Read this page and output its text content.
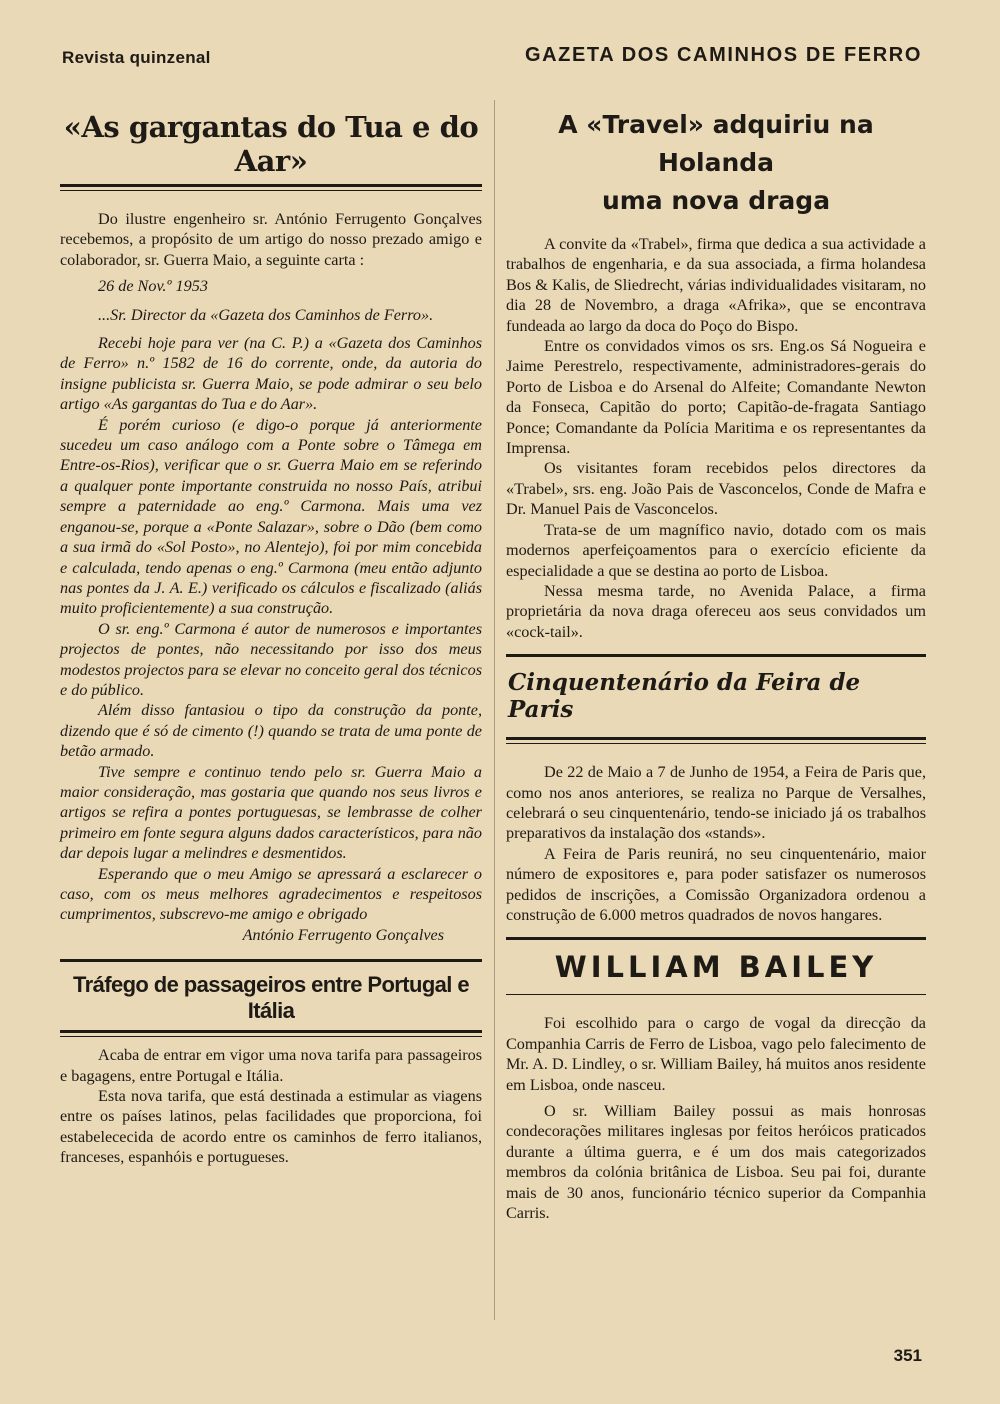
Revista quinzenal	GAZETA DOS CAMINHOS DE FERRO
«As gargantas do Tua e do Aar»

Do ilustre engenheiro sr. António Ferrugento Gonçalves recebemos, a propósito de um artigo do nosso prezado amigo e colaborador, sr. Guerra Maio, a seguinte carta :

26 de Nov.º 1953

...Sr. Director da «Gazeta dos Caminhos de Ferro».

Recebi hoje para ver (na C. P.) a «Gazeta dos Caminhos de Ferro» n.º 1582 de 16 do corrente, onde, da autoria do insigne publicista sr. Guerra Maio, se pode admirar o seu belo artigo «As gargantas do Tua e do Aar».

É porém curioso (e digo-o porque já anteriormente sucedeu um caso análogo com a Ponte sobre o Tâmega em Entre-os-Rios), verificar que o sr. Guerra Maio em se referindo a qualquer ponte importante construida no nosso País, atribui sempre a paternidade ao eng.º Carmona. Mais uma vez enganou-se, porque a «Ponte Salazar», sobre o Dão (bem como a sua irmã do «Sol Posto», no Alentejo), foi por mim concebida e calculada, tendo apenas o eng.º Carmona (meu então adjunto nas pontes da J. A. E.) verificado os cálculos e fiscalizado (aliás muito proficientemente) a sua construção.

O sr. eng.º Carmona é autor de numerosos e importantes projectos de pontes, não necessitando por isso dos meus modestos projectos para se elevar no conceito geral dos técnicos e do público.

Além disso fantasiou o tipo da construção da ponte, dizendo que é só de cimento (!) quando se trata de uma ponte de betão armado.

Tive sempre e continuo tendo pelo sr. Guerra Maio a maior consideração, mas gostaria que quando nos seus livros e artigos se refira a pontes portuguesas, se lembrasse de colher primeiro em fonte segura alguns dados característicos, para não dar depois lugar a melindres e desmentidos.

Esperando que o meu Amigo se apressará a esclarecer o caso, com os meus melhores agradecimentos e respeitosos cumprimentos, subscrevo-me amigo e obrigado

António Ferrugento Gonçalves

Tráfego de passageiros entre Portugal e Itália

Acaba de entrar em vigor uma nova tarifa para passageiros e bagagens, entre Portugal e Itália.

Esta nova tarifa, que está destinada a estimular as viagens entre os países latinos, pelas facilidades que proporciona, foi estabelececida de acordo entre os caminhos de ferro italianos, franceses, espanhóis e portugueses.

A «Travel» adquiriu na Holanda
uma nova draga

A convite da «Trabel», firma que dedica a sua actividade a trabalhos de engenharia, e da sua associada, a firma holandesa Bos & Kalis, de Sliedrecht, várias individualidades visitaram, no dia 28 de Novembro, a draga «Afrika», que se encontrava fundeada ao largo da doca do Poço do Bispo.

Entre os convidados vimos os srs. Eng.os Sá Nogueira e Jaime Perestrelo, respectivamente, administradores-gerais do Porto de Lisboa e do Arsenal do Alfeite; Comandante Newton da Fonseca, Capitão do porto; Capitão-de-fragata Santiago Ponce; Comandante da Polícia Maritima e os representantes da Imprensa.

Os visitantes foram recebidos pelos directores da «Trabel», srs. eng. João Pais de Vasconcelos, Conde de Mafra e Dr. Manuel Pais de Vasconcelos.

Trata-se de um magnífico navio, dotado com os mais modernos aperfeiçoamentos para o exercício eficiente da especialidade a que se destina ao porto de Lisboa.

Nessa mesma tarde, no Avenida Palace, a firma proprietária da nova draga ofereceu aos seus convidados um «cock-tail».

Cinquentenário da Feira de Paris

De 22 de Maio a 7 de Junho de 1954, a Feira de Paris que, como nos anos anteriores, se realiza no Parque de Versalhes, celebrará o seu cinquentenário, tendo-se iniciado já os trabalhos preparativos da instalação dos «stands».

A Feira de Paris reunirá, no seu cinquentenário, maior número de expositores e, para poder satisfazer os numerosos pedidos de inscrições, a Comissão Organizadora ordenou a construção de 6.000 metros quadrados de novos hangares.

WILLIAM BAILEY

Foi escolhido para o cargo de vogal da direcção da Companhia Carris de Ferro de Lisboa, vago pelo falecimento de Mr. A. D. Lindley, o sr. William Bailey, há muitos anos residente em Lisboa, onde nasceu.

O sr. William Bailey possui as mais honrosas condecorações militares inglesas por feitos heróicos praticados durante a última guerra, e é um dos mais categorizados membros da colónia britânica de Lisboa. Seu pai foi, durante mais de 30 anos, funcionário técnico superior da Companhia Carris.

351
